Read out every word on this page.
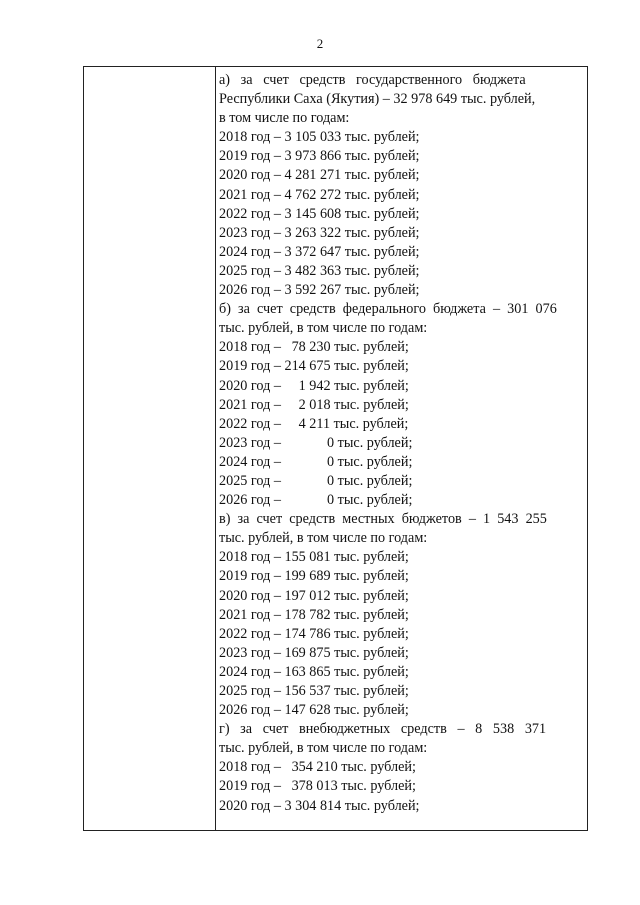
2
а)   за   счет   средств   государственного   бюджета
Республики Саха (Якутия) – 32 978 649 тыс. рублей,
в том числе по годам:
2018 год – 3 105 033 тыс. рублей;
2019 год – 3 973 866 тыс. рублей;
2020 год – 4 281 271 тыс. рублей;
2021 год – 4 762 272 тыс. рублей;
2022 год – 3 145 608 тыс. рублей;
2023 год – 3 263 322 тыс. рублей;
2024 год – 3 372 647 тыс. рублей;
2025 год – 3 482 363 тыс. рублей;
2026 год – 3 592 267 тыс. рублей;
б)  за  счет  средств  федерального  бюджета  –  301  076
тыс. рублей, в том числе по годам:
2018 год –   78 230 тыс. рублей;
2019 год – 214 675 тыс. рублей;
2020 год –     1 942 тыс. рублей;
2021 год –     2 018 тыс. рублей;
2022 год –     4 211 тыс. рублей;
2023 год –             0 тыс. рублей;
2024 год –             0 тыс. рублей;
2025 год –             0 тыс. рублей;
2026 год –             0 тыс. рублей;
в)  за  счет  средств  местных  бюджетов  –  1  543  255
тыс. рублей, в том числе по годам:
2018 год – 155 081 тыс. рублей;
2019 год – 199 689 тыс. рублей;
2020 год – 197 012 тыс. рублей;
2021 год – 178 782 тыс. рублей;
2022 год – 174 786 тыс. рублей;
2023 год – 169 875 тыс. рублей;
2024 год – 163 865 тыс. рублей;
2025 год – 156 537 тыс. рублей;
2026 год – 147 628 тыс. рублей;
г)   за   счет   внебюджетных   средств   –   8   538   371
тыс. рублей, в том числе по годам:
2018 год –   354 210 тыс. рублей;
2019 год –   378 013 тыс. рублей;
2020 год – 3 304 814 тыс. рублей;
